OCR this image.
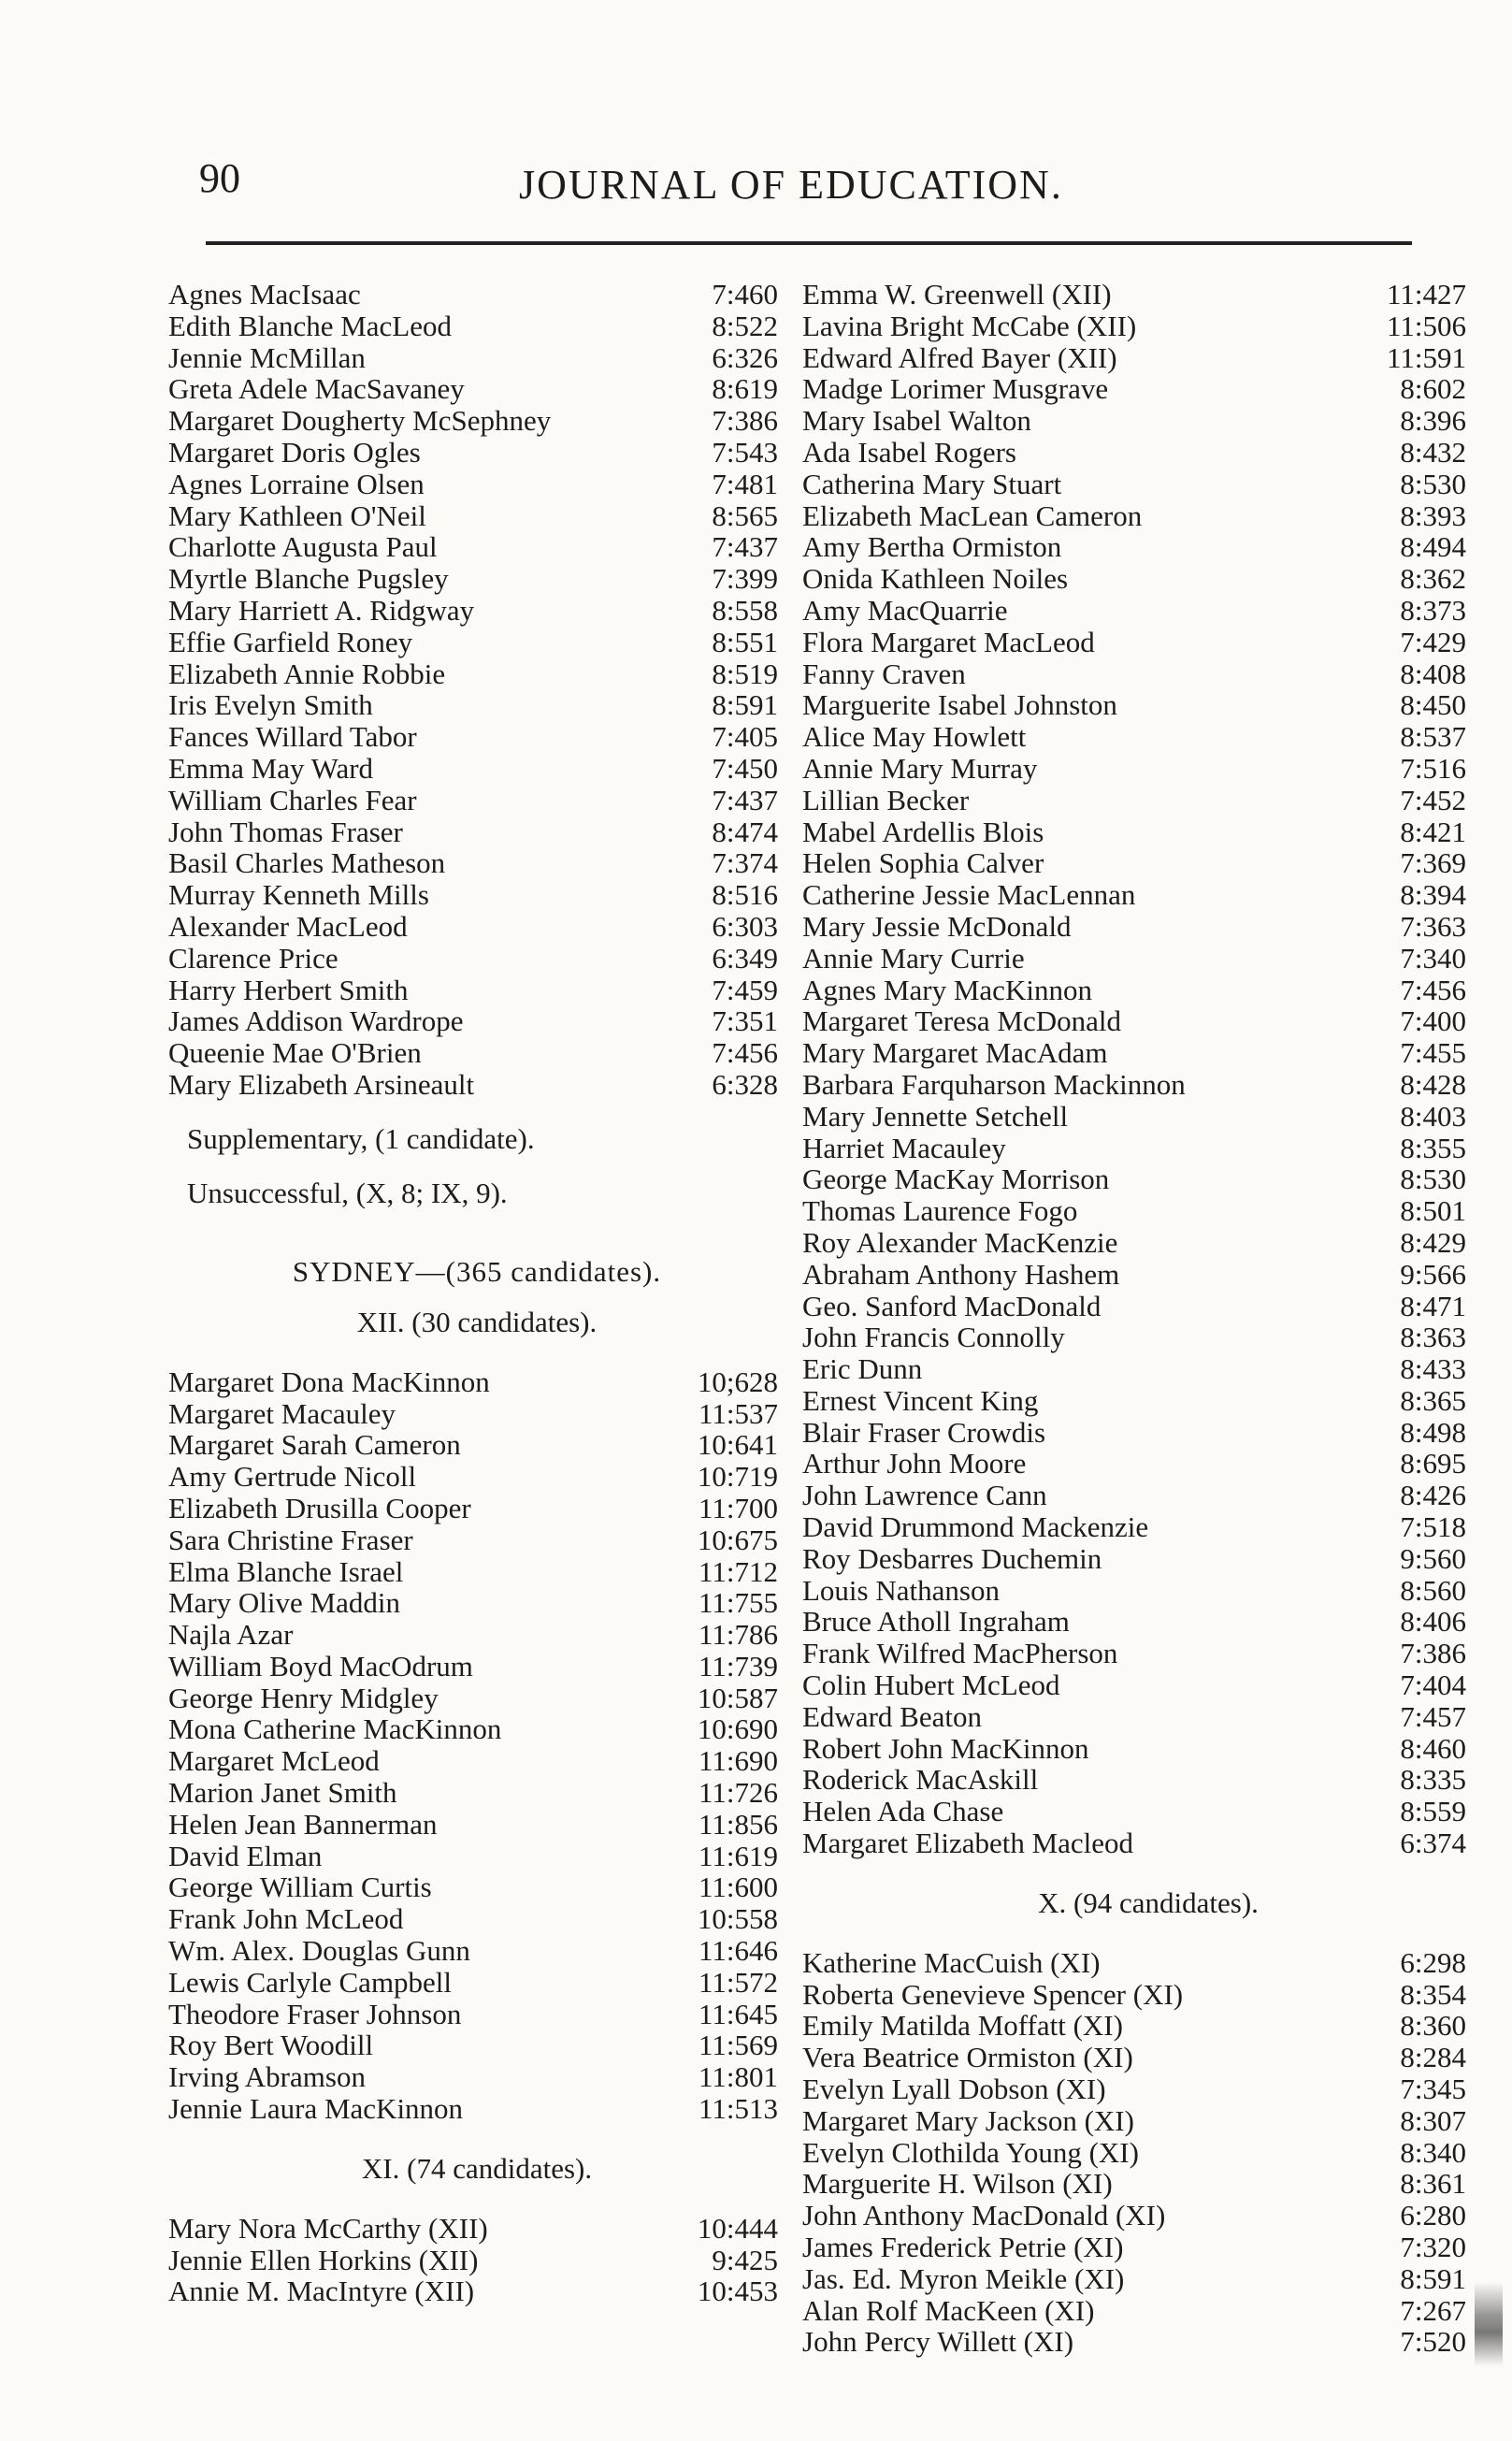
90	JOURNAL OF EDUCATION.
Agnes MacIsaac	7:460
Edith Blanche MacLeod	8:522
Jennie McMillan	6:326
Greta Adele MacSavaney	8:619
Margaret Dougherty McSephney	7:386
Margaret Doris Ogles	7:543
Agnes Lorraine Olsen	7:481
Mary Kathleen O'Neil	8:565
Charlotte Augusta Paul	7:437
Myrtle Blanche Pugsley	7:399
Mary Harriett A. Ridgway	8:558
Effie Garfield Roney	8:551
Elizabeth Annie Robbie	8:519
Iris Evelyn Smith	8:591
Fances Willard Tabor	7:405
Emma May Ward	7:450
William Charles Fear	7:437
John Thomas Fraser	8:474
Basil Charles Matheson	7:374
Murray Kenneth Mills	8:516
Alexander MacLeod	6:303
Clarence Price	6:349
Harry Herbert Smith	7:459
James Addison Wardrope	7:351
Queenie Mae O'Brien	7:456
Mary Elizabeth Arsineault	6:328
Supplementary, (1 candidate).
Unsuccessful, (X, 8; IX, 9).
SYDNEY—(365 candidates).
XII. (30 candidates).
Margaret Dona MacKinnon	10;628
Margaret Macauley	11:537
Margaret Sarah Cameron	10:641
Amy Gertrude Nicoll	10:719
Elizabeth Drusilla Cooper	11:700
Sara Christine Fraser	10:675
Elma Blanche Israel	11:712
Mary Olive Maddin	11:755
Najla Azar	11:786
William Boyd MacOdrum	11:739
George Henry Midgley	10:587
Mona Catherine MacKinnon	10:690
Margaret McLeod	11:690
Marion Janet Smith	11:726
Helen Jean Bannerman	11:856
David Elman	11:619
George William Curtis	11:600
Frank John McLeod	10:558
Wm. Alex. Douglas Gunn	11:646
Lewis Carlyle Campbell	11:572
Theodore Fraser Johnson	11:645
Roy Bert Woodill	11:569
Irving Abramson	11:801
Jennie Laura MacKinnon	11:513
XI. (74 candidates).
Mary Nora McCarthy (XII)	10:444
Jennie Ellen Horkins (XII)	9:425
Annie M. MacIntyre (XII)	10:453
Emma W. Greenwell (XII)	11:427
Lavina Bright McCabe (XII)	11:506
Edward Alfred Bayer (XII)	11:591
Madge Lorimer Musgrave	8:602
Mary Isabel Walton	8:396
Ada Isabel Rogers	8:432
Catherina Mary Stuart	8:530
Elizabeth MacLean Cameron	8:393
Amy Bertha Ormiston	8:494
Onida Kathleen Noiles	8:362
Amy MacQuarrie	8:373
Flora Margaret MacLeod	7:429
Fanny Craven	8:408
Marguerite Isabel Johnston	8:450
Alice May Howlett	8:537
Annie Mary Murray	7:516
Lillian Becker	7:452
Mabel Ardellis Blois	8:421
Helen Sophia Calver	7:369
Catherine Jessie MacLennan	8:394
Mary Jessie McDonald	7:363
Annie Mary Currie	7:340
Agnes Mary MacKinnon	7:456
Margaret Teresa McDonald	7:400
Mary Margaret MacAdam	7:455
Barbara Farquharson Mackinnon	8:428
Mary Jennette Setchell	8:403
Harriet Macauley	8:355
George MacKay Morrison	8:530
Thomas Laurence Fogo	8:501
Roy Alexander MacKenzie	8:429
Abraham Anthony Hashem	9:566
Geo. Sanford MacDonald	8:471
John Francis Connolly	8:363
Eric Dunn	8:433
Ernest Vincent King	8:365
Blair Fraser Crowdis	8:498
Arthur John Moore	8:695
John Lawrence Cann	8:426
David Drummond Mackenzie	7:518
Roy Desbarres Duchemin	9:560
Louis Nathanson	8:560
Bruce Atholl Ingraham	8:406
Frank Wilfred MacPherson	7:386
Colin Hubert McLeod	7:404
Edward Beaton	7:457
Robert John MacKinnon	8:460
Roderick MacAskill	8:335
Helen Ada Chase	8:559
Margaret Elizabeth Macleod	6:374
X. (94 candidates).
Katherine MacCuish (XI)	6:298
Roberta Genevieve Spencer (XI)	8:354
Emily Matilda Moffatt (XI)	8:360
Vera Beatrice Ormiston (XI)	8:284
Evelyn Lyall Dobson (XI)	7:345
Margaret Mary Jackson (XI)	8:307
Evelyn Clothilda Young (XI)	8:340
Marguerite H. Wilson (XI)	8:361
John Anthony MacDonald (XI)	6:280
James Frederick Petrie (XI)	7:320
Jas. Ed. Myron Meikle (XI)	8:591
Alan Rolf MacKeen (XI)	7:267
John Percy Willett (XI)	7:520
